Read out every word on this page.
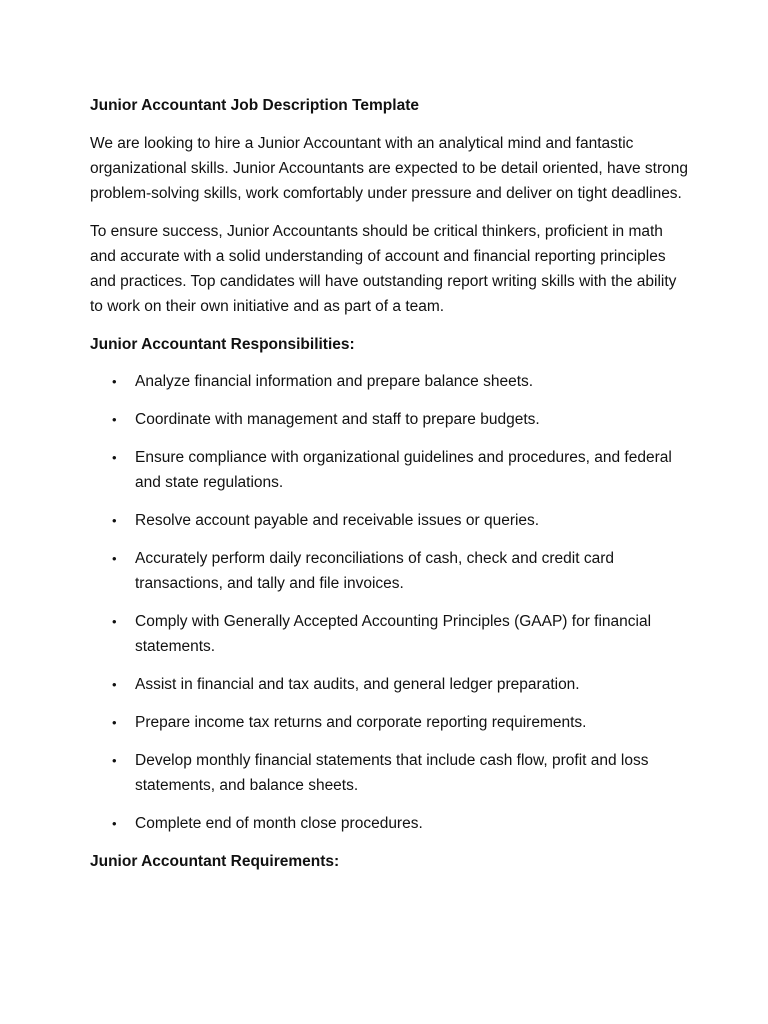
Junior Accountant Job Description Template

We are looking to hire a Junior Accountant with an analytical mind and fantastic organizational skills. Junior Accountants are expected to be detail oriented, have strong problem-solving skills, work comfortably under pressure and deliver on tight deadlines.

To ensure success, Junior Accountants should be critical thinkers, proficient in math and accurate with a solid understanding of account and financial reporting principles and practices. Top candidates will have outstanding report writing skills with the ability to work on their own initiative and as part of a team.

Junior Accountant Responsibilities:

• Analyze financial information and prepare balance sheets.
• Coordinate with management and staff to prepare budgets.
• Ensure compliance with organizational guidelines and procedures, and federal and state regulations.
• Resolve account payable and receivable issues or queries.
• Accurately perform daily reconciliations of cash, check and credit card transactions, and tally and file invoices.
• Comply with Generally Accepted Accounting Principles (GAAP) for financial statements.
• Assist in financial and tax audits, and general ledger preparation.
• Prepare income tax returns and corporate reporting requirements.
• Develop monthly financial statements that include cash flow, profit and loss statements, and balance sheets.
• Complete end of month close procedures.

Junior Accountant Requirements:
